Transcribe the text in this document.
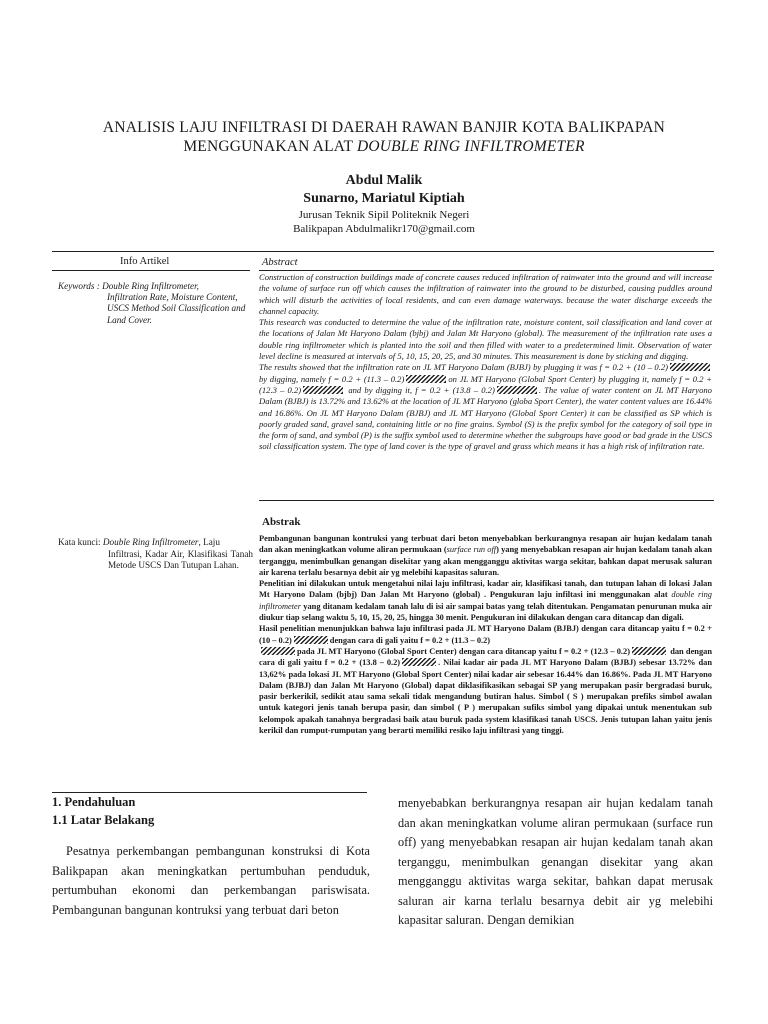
ANALISIS LAJU INFILTRASI DI DAERAH RAWAN BANJIR KOTA BALIKPAPAN
MENGGUNAKAN ALAT DOUBLE RING INFILTROMETER
Abdul Malik
Sunarno, Mariatul Kiptiah
Jurusan Teknik Sipil Politeknik Negeri
Balikpapan Abdulmalikr170@gmail.com
Info Artikel	Abstract
Keywords : Double Ring Infiltrometer,
Infiltration Rate, Moisture Content, USCS Method Soil Classification and Land Cover.

Construction of construction buildings made of concrete causes reduced infiltration of rainwater into the ground and will increase the volume of surface run off which causes the infiltration of rainwater into the ground to be disturbed, causing puddles around which will disturb the activities of local residents, and can even damage waterways. because the water discharge exceeds the channel capacity.

This research was conducted to determine the value of the infiltration rate, moisture content, soil classification and land cover at the locations of Jalan Mt Haryono Dalam (bjbj) and Jalan Mt Haryono (global). The measurement of the infiltration rate uses a double ring infiltrometer which is planted into the soil and then filled with water to a predetermined limit. Observation of water level decline is measured at intervals of 5, 10, 15, 20, 25, and 30 minutes. This measurement is done by sticking and digging.

The results showed that the infiltration rate on JL MT Haryono Dalam (BJBJ) by plugging it was f = 0.2 + (10 – 0.2) by digging, namely f = 0.2 + (11.3 – 0.2)	on JL MT Haryono (Global Sport Center) by plugging it, namely f = 0.2 + (12.3 – 0.2)	and by digging it, f = 0.2 + (13.8 – 0.2)	. The value of water content on JL MT Haryono Dalam (BJBJ) is 13.72% and 13.62% at the location of JL MT Haryono (globa Sport Center), the water content values are 16.44% and 16.86%. On JL MT Haryono Dalam (BJBJ) and JL MT Haryono (Global Sport Center) it can be classified as SP which is poorly graded sand, gravel sand, containing little or no fine grains. Symbol (S) is the prefix symbol for the category of soil type in the form of sand, and symbol (P) is the suffix symbol used to determine whether the subgroups have good or bad grade in the USCS soil classification system. The type of land cover is the type of gravel and grass which means it has a high risk of infiltration rate.

Abstrak
Kata kunci: Double Ring Infiltrometer, Laju
Infiltrasi, Kadar Air, Klasifikasi Tanah Metode USCS Dan Tutupan Lahan.

Pembangunan bangunan kontruksi yang terbuat dari beton menyebabkan berkurangnya resapan air hujan kedalam tanah dan akan meningkatkan volume aliran permukaan (surface run off) yang menyebabkan resapan air hujan kedalam tanah akan terganggu, menimbulkan genangan disekitar yang akan mengganggu aktivitas warga sekitar, bahkan dapat merusak saluran air karena terlalu besarnya debit air yg melebihi kapasitas saluran.

Penelitian ini dilakukan untuk mengetahui nilai laju infiltrasi, kadar air, klasifikasi tanah, dan tutupan lahan di lokasi Jalan Mt Haryono Dalam (bjbj) Dan Jalan Mt Haryono (global) . Pengukuran laju infiltasi ini menggunakan alat double ring infiltrometer yang ditanam kedalam tanah lalu di isi air sampai batas yang telah ditentukan. Pengamatan penurunan muka air diukur tiap selang waktu 5, 10, 15, 20, 25, hingga 30 menit. Pengukuran ini dilakukan dengan cara ditancap dan digali.

Hasil penelitian menunjukkan bahwa laju infiltrasi pada JL MT Haryono Dalam (BJBJ) dengan cara ditancap yaitu f = 0.2 + (10 – 0.2)	dengan cara di gali yaitu f = 0.2 + (11.3 – 0.2)
pada JL MT Haryono (Global Sport Center) dengan cara ditancap yaitu f = 0.2 + (12.3 – 0.2)	dan dengan cara di gali yaitu f = 0.2 + (13.8 – 0.2)	. Nilai kadar air pada JL MT Haryono Dalam (BJBJ) sebesar 13.72% dan 13,62% pada lokasi JL MT Haryono (Global Sport Center) nilai kadar air sebesar 16.44% dan 16.86%. Pada JL MT Haryono Dalam (BJBJ) dan Jalan Mt Haryono (Global) dapat diklasifikasikan sebagai SP yang merupakan pasir bergradasi buruk, pasir berkerikil, sedikit atau sama sekali tidak mengandung butiran halus. Simbol ( S ) merupakan prefiks simbol awalan untuk kategori jenis tanah berupa pasir, dan simbol ( P ) merupakan sufiks simbol yang dipakai untuk menentukan sub kelompok apakah tanahnya bergradasi baik atau buruk pada system klasifikasi tanah USCS. Jenis tutupan lahan yaitu jenis kerikil dan rumput-rumputan yang berarti memiliki resiko laju infiltrasi yang tinggi.

1. Pendahuluan
1.1 Latar Belakang

Pesatnya perkembangan pembangunan konstruksi di Kota Balikpapan akan meningkatkan pertumbuhan penduduk, pertumbuhan ekonomi dan perkembangan pariswisata. Pembangunan bangunan kontruksi yang terbuat dari beton

menyebabkan berkurangnya resapan air hujan kedalam tanah dan akan meningkatkan volume aliran permukaan (surface run off) yang menyebabkan resapan air hujan kedalam tanah akan terganggu, menimbulkan genangan disekitar yang akan mengganggu aktivitas warga sekitar, bahkan dapat merusak saluran air karna terlalu besarnya debit air yg melebihi kapasitar saluran. Dengan demikian
